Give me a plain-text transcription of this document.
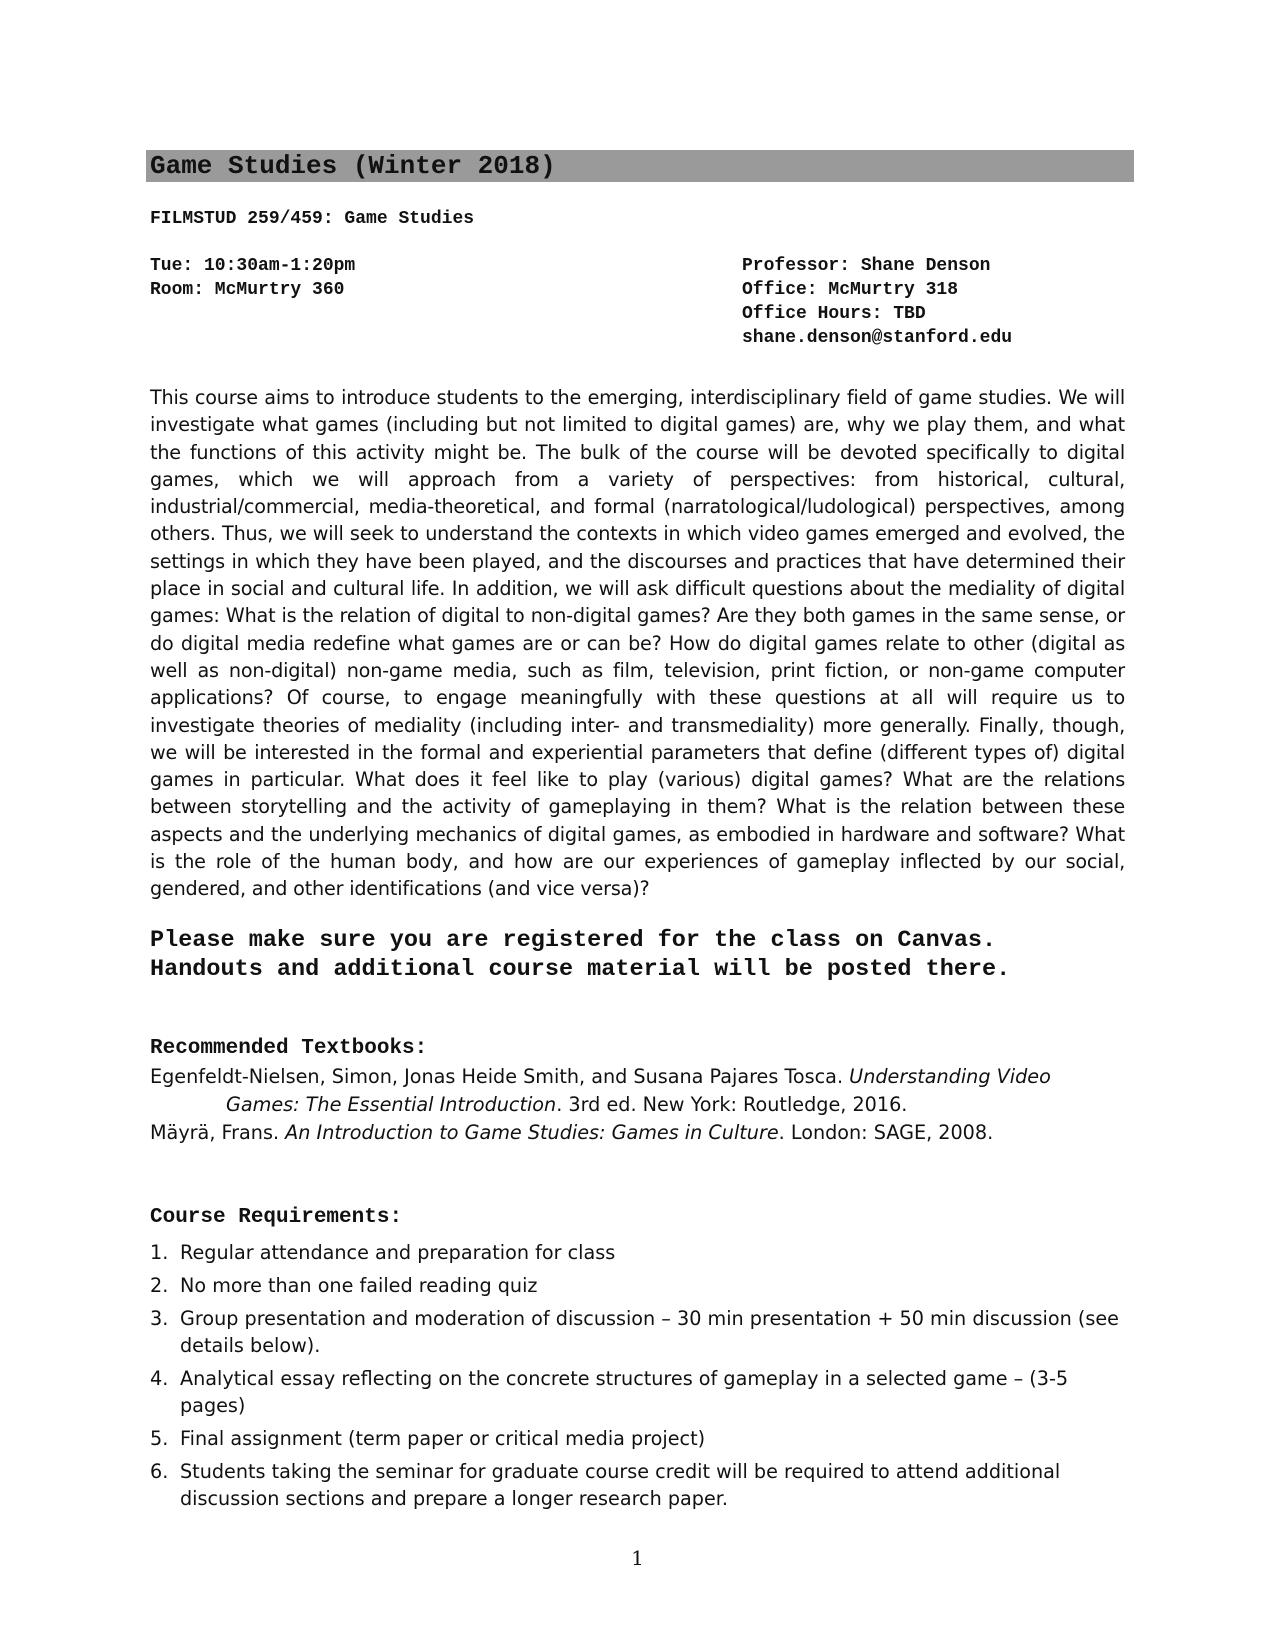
Game Studies (Winter 2018)
FILMSTUD 259/459: Game Studies
Tue: 10:30am-1:20pm
Room: McMurtry 360
Professor: Shane Denson
Office: McMurtry 318
Office Hours: TBD
shane.denson@stanford.edu

This course aims to introduce students to the emerging, interdisciplinary field of game studies. We will investigate what games (including but not limited to digital games) are, why we play them, and what the functions of this activity might be. The bulk of the course will be devoted specifically to digital games, which we will approach from a variety of perspectives: from historical, cultural, industrial/commercial, media-theoretical, and formal (narratological/ludological) perspectives, among others. Thus, we will seek to understand the contexts in which video games emerged and evolved, the settings in which they have been played, and the discourses and practices that have determined their place in social and cultural life. In addition, we will ask difficult questions about the mediality of digital games: What is the relation of digital to non-digital games? Are they both games in the same sense, or do digital media redefine what games are or can be? How do digital games relate to other (digital as well as non-digital) non-game media, such as film, television, print fiction, or non-game computer applications? Of course, to engage meaningfully with these questions at all will require us to investigate theories of mediality (including inter- and transmediality) more generally. Finally, though, we will be interested in the formal and experiential parameters that define (different types of) digital games in particular. What does it feel like to play (various) digital games? What are the relations between storytelling and the activity of gameplaying in them? What is the relation between these aspects and the underlying mechanics of digital games, as embodied in hardware and software? What is the role of the human body, and how are our experiences of gameplay inflected by our social, gendered, and other identifications (and vice versa)?

Please make sure you are registered for the class on Canvas.
Handouts and additional course material will be posted there.
Recommended Textbooks:

Egenfeldt-Nielsen, Simon, Jonas Heide Smith, and Susana Pajares Tosca. Understanding Video Games: The Essential Introduction. 3rd ed. New York: Routledge, 2016.

Mäyrä, Frans. An Introduction to Game Studies: Games in Culture. London: SAGE, 2008.

Course Requirements:
1. Regular attendance and preparation for class
2. No more than one failed reading quiz
3. Group presentation and moderation of discussion – 30 min presentation + 50 min discussion (see details below).
4. Analytical essay reflecting on the concrete structures of gameplay in a selected game – (3-5 pages)
5. Final assignment (term paper or critical media project)
6. Students taking the seminar for graduate course credit will be required to attend additional discussion sections and prepare a longer research paper.
1
